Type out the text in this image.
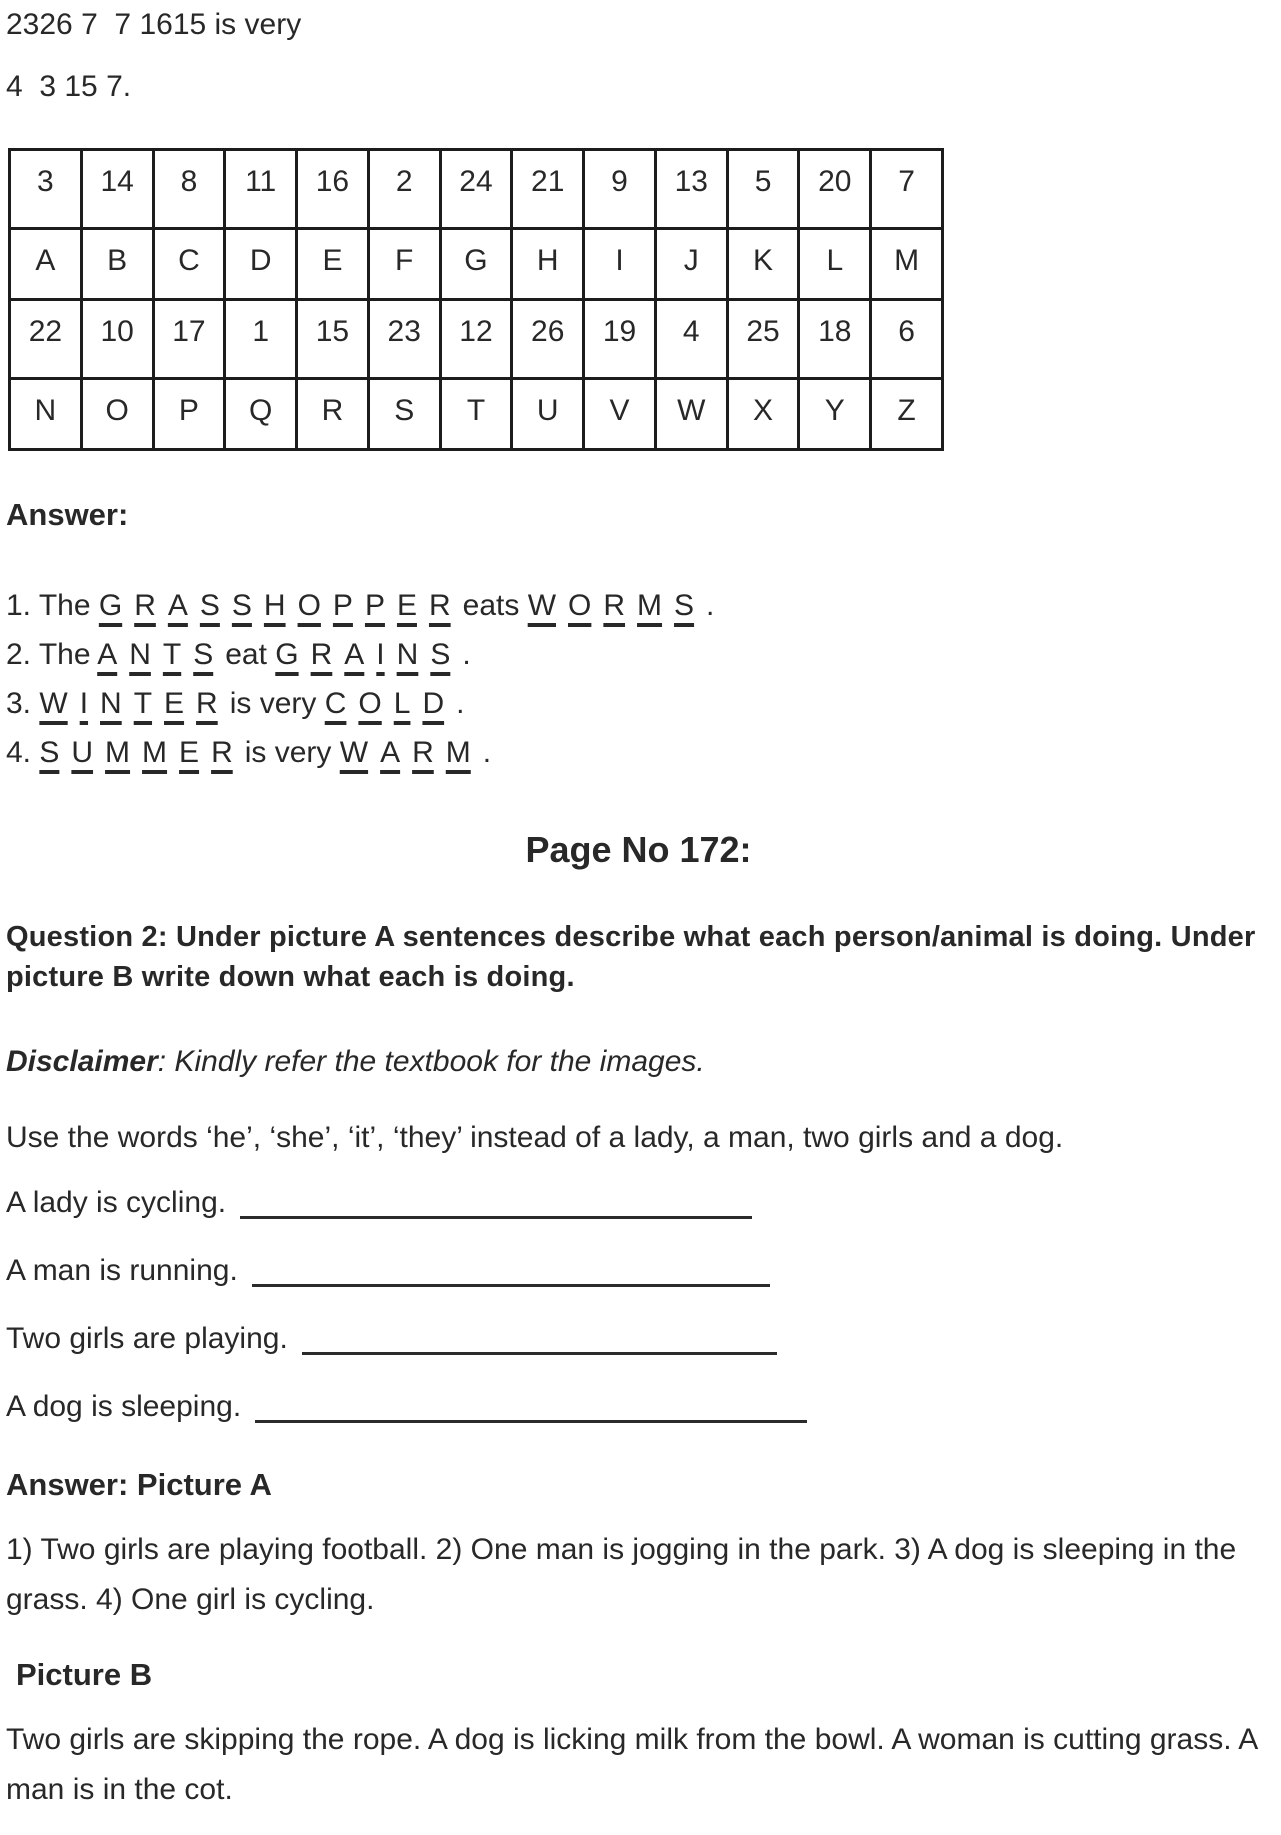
2326 7  7 1615 is very

4  3 15 7.

3	14	8	11	16	2	24	21	9	13	5	20	7
A	B	C	D	E	F	G	H	I	J	K	L	M
22	10	17	1	15	23	12	26	19	4	25	18	6
N	O	P	Q	R	S	T	U	V	W	X	Y	Z

Answer:

1. The G R A S S H O P P E R eats W O R M S .

2. The A N T S eat G R A I N S .

3. W I N T E R is very C O L D .

4. S U M M E R is very W A R M .

Page No 172:

Question 2: Under picture A sentences describe what each person/animal is doing. Under picture B write down what each is doing.

Disclaimer: Kindly refer the textbook for the images.

Use the words ‘he’, ‘she’, ‘it’, ‘they’ instead of a lady, a man, two girls and a dog.

A lady is cycling.

A man is running.

Two girls are playing.

A dog is sleeping.

Answer: Picture A

1) Two girls are playing football. 2) One man is jogging in the park. 3) A dog is sleeping in the grass. 4) One girl is cycling.

Picture B

Two girls are skipping the rope. A dog is licking milk from the bowl. A woman is cutting grass. A man is in the cot.
